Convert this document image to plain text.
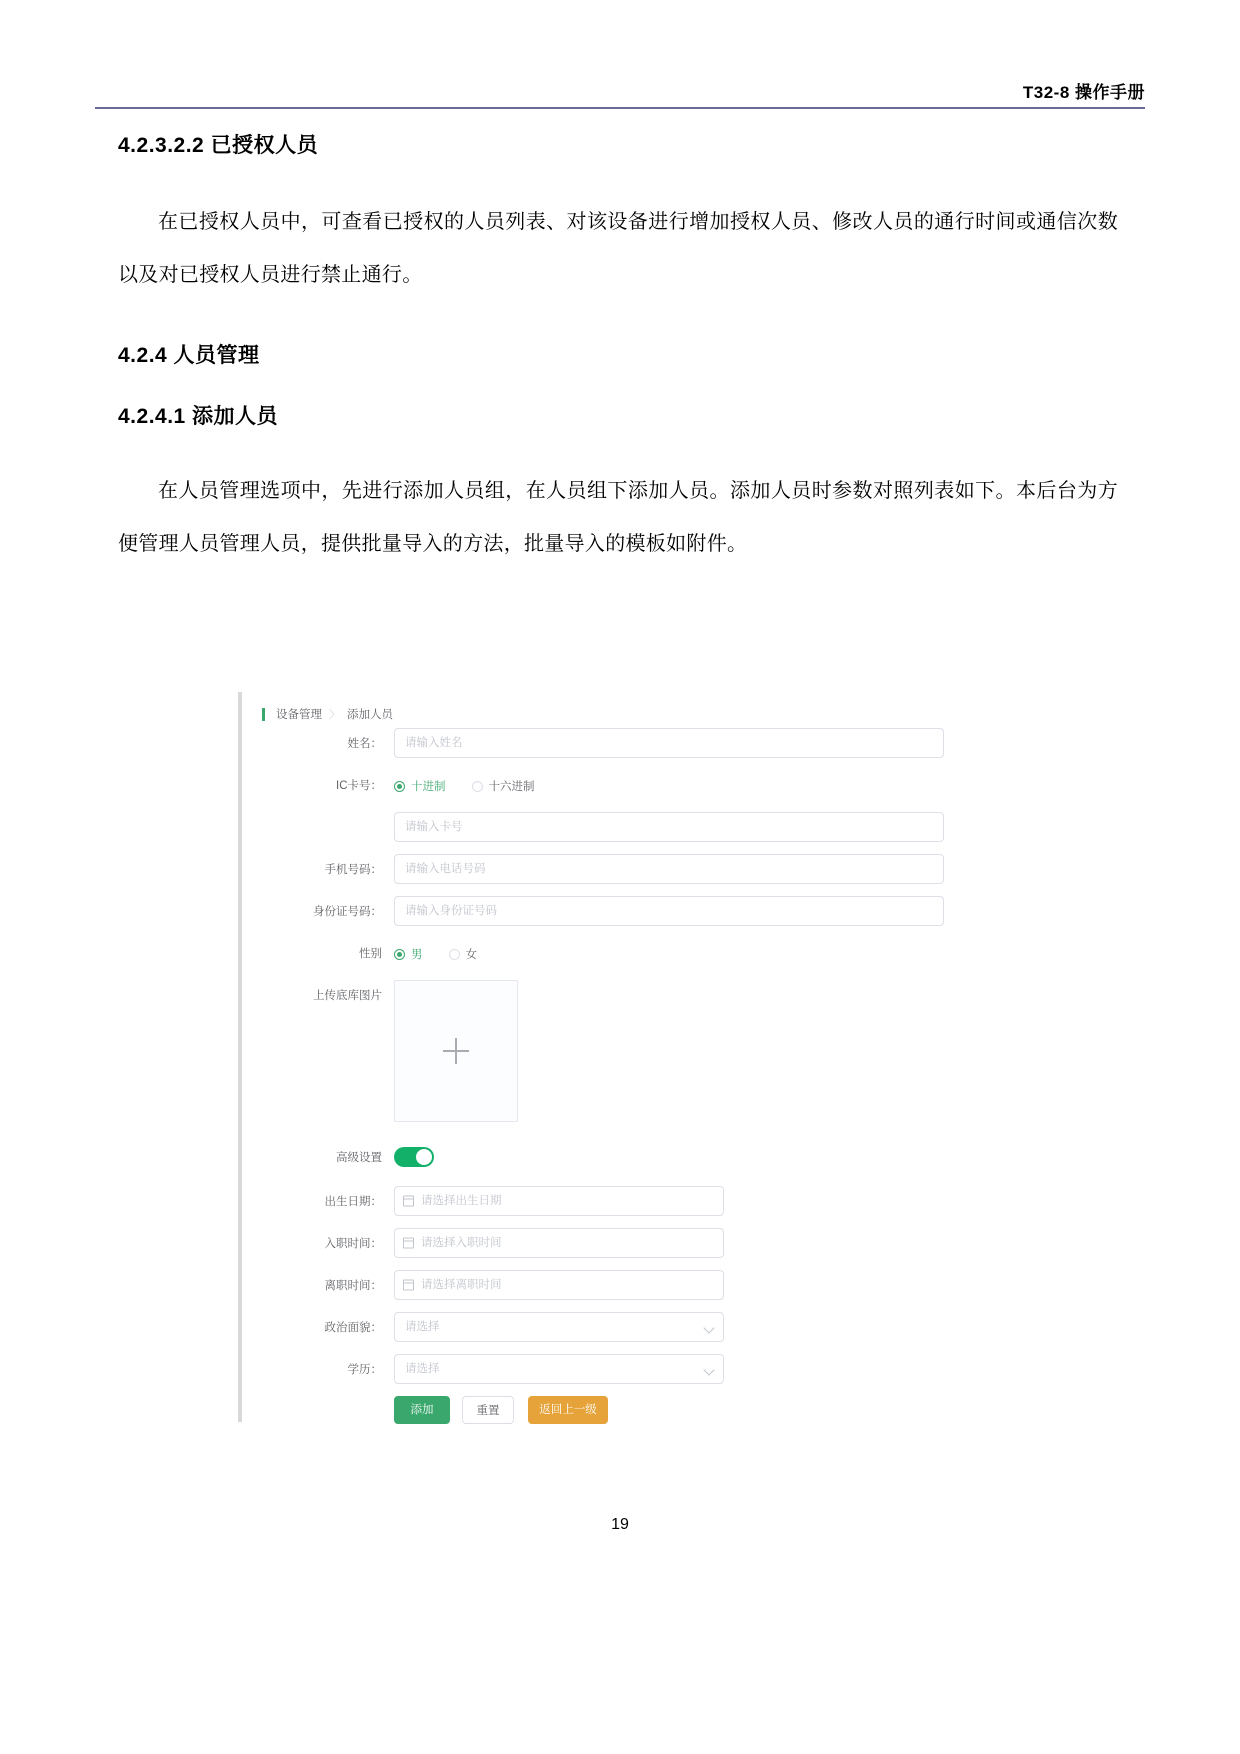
T32-8 操作手册
4.2.3.2.2 已授权人员

在已授权人员中，可查看已授权的人员列表、对该设备进行增加授权人员、修改人员的通行时间或通信次数以及对已授权人员进行禁止通行。

4.2.4 人员管理
4.2.4.1 添加人员

在人员管理选项中，先进行添加人员组，在人员组下添加人员。添加人员时参数对照列表如下。本后台为方便管理人员管理人员，提供批量导入的方法，批量导入的模板如附件。

设备管理 〉 添加人员
姓名：	请输入姓名
IC卡号：	十进制	十六进制
请输入卡号
手机号码：	请输入电话号码
身份证号码：	请输入身份证号码
性别	男	女
上传底库图片
高级设置
出生日期：	请选择出生日期
入职时间：	请选择入职时间
离职时间：	请选择离职时间
政治面貌：	请选择
学历：	请选择
添加	重置	返回上一级
19
